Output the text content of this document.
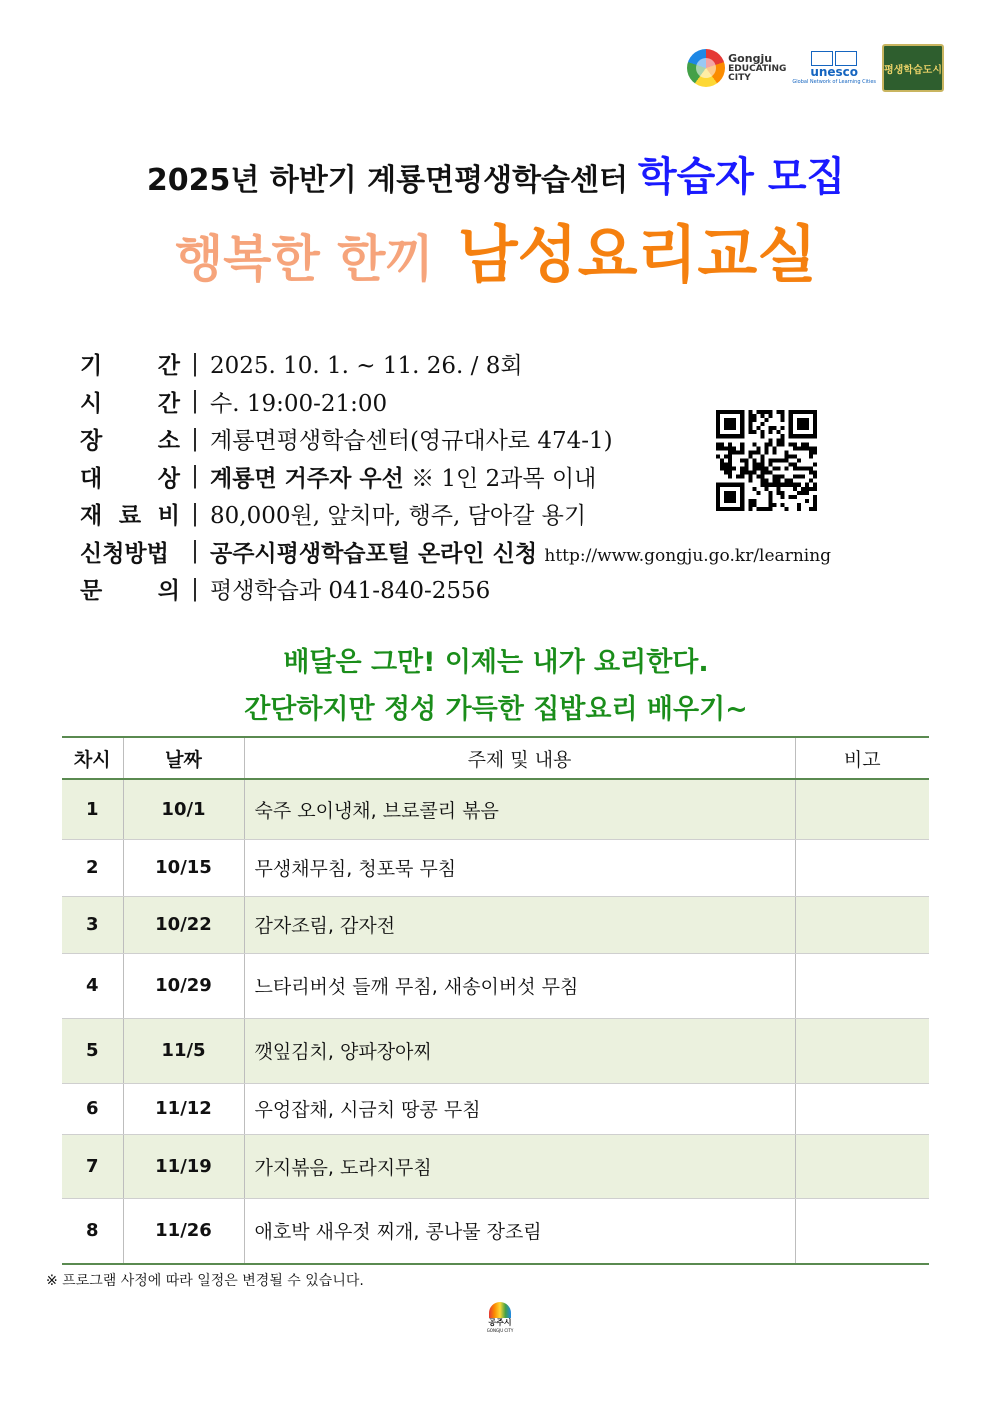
Gongju
EDUCATING
CITY	unesco
Global Network of Learning Cities
평생학습도시
2025년 하반기 계룡면평생학습센터 학습자 모집
행복한 한끼 남성요리교실
기 간 | 2025. 10. 1. ~ 11. 26. / 8회
시 간 | 수. 19:00-21:00
장 소 | 계룡면평생학습센터(영규대사로 474-1)
대 상 | 계룡면 거주자 우선 ※ 1인 2과목 이내
재 료 비 | 80,000원, 앞치마, 행주, 담아갈 용기
신청방법 | 공주시평생학습포털 온라인 신청 http://www.gongju.go.kr/learning
문 의 | 평생학습과 041-840-2556
배달은 그만! 이제는 내가 요리한다.
간단하지만 정성 가득한 집밥요리 배우기~
차시	날짜	주제 및 내용	비고
1	10/1	숙주 오이냉채, 브로콜리 볶음	
2	10/15	무생채무침, 청포묵 무침	
3	10/22	감자조림, 감자전	
4	10/29	느타리버섯 들깨 무침, 새송이버섯 무침	
5	11/5	깻잎김치, 양파장아찌	
6	11/12	우엉잡채, 시금치 땅콩 무침	
7	11/19	가지볶음, 도라지무침	
8	11/26	애호박 새우젓 찌개, 콩나물 장조림	
※ 프로그램 사정에 따라 일정은 변경될 수 있습니다.
공주시
GONGJU CITY
